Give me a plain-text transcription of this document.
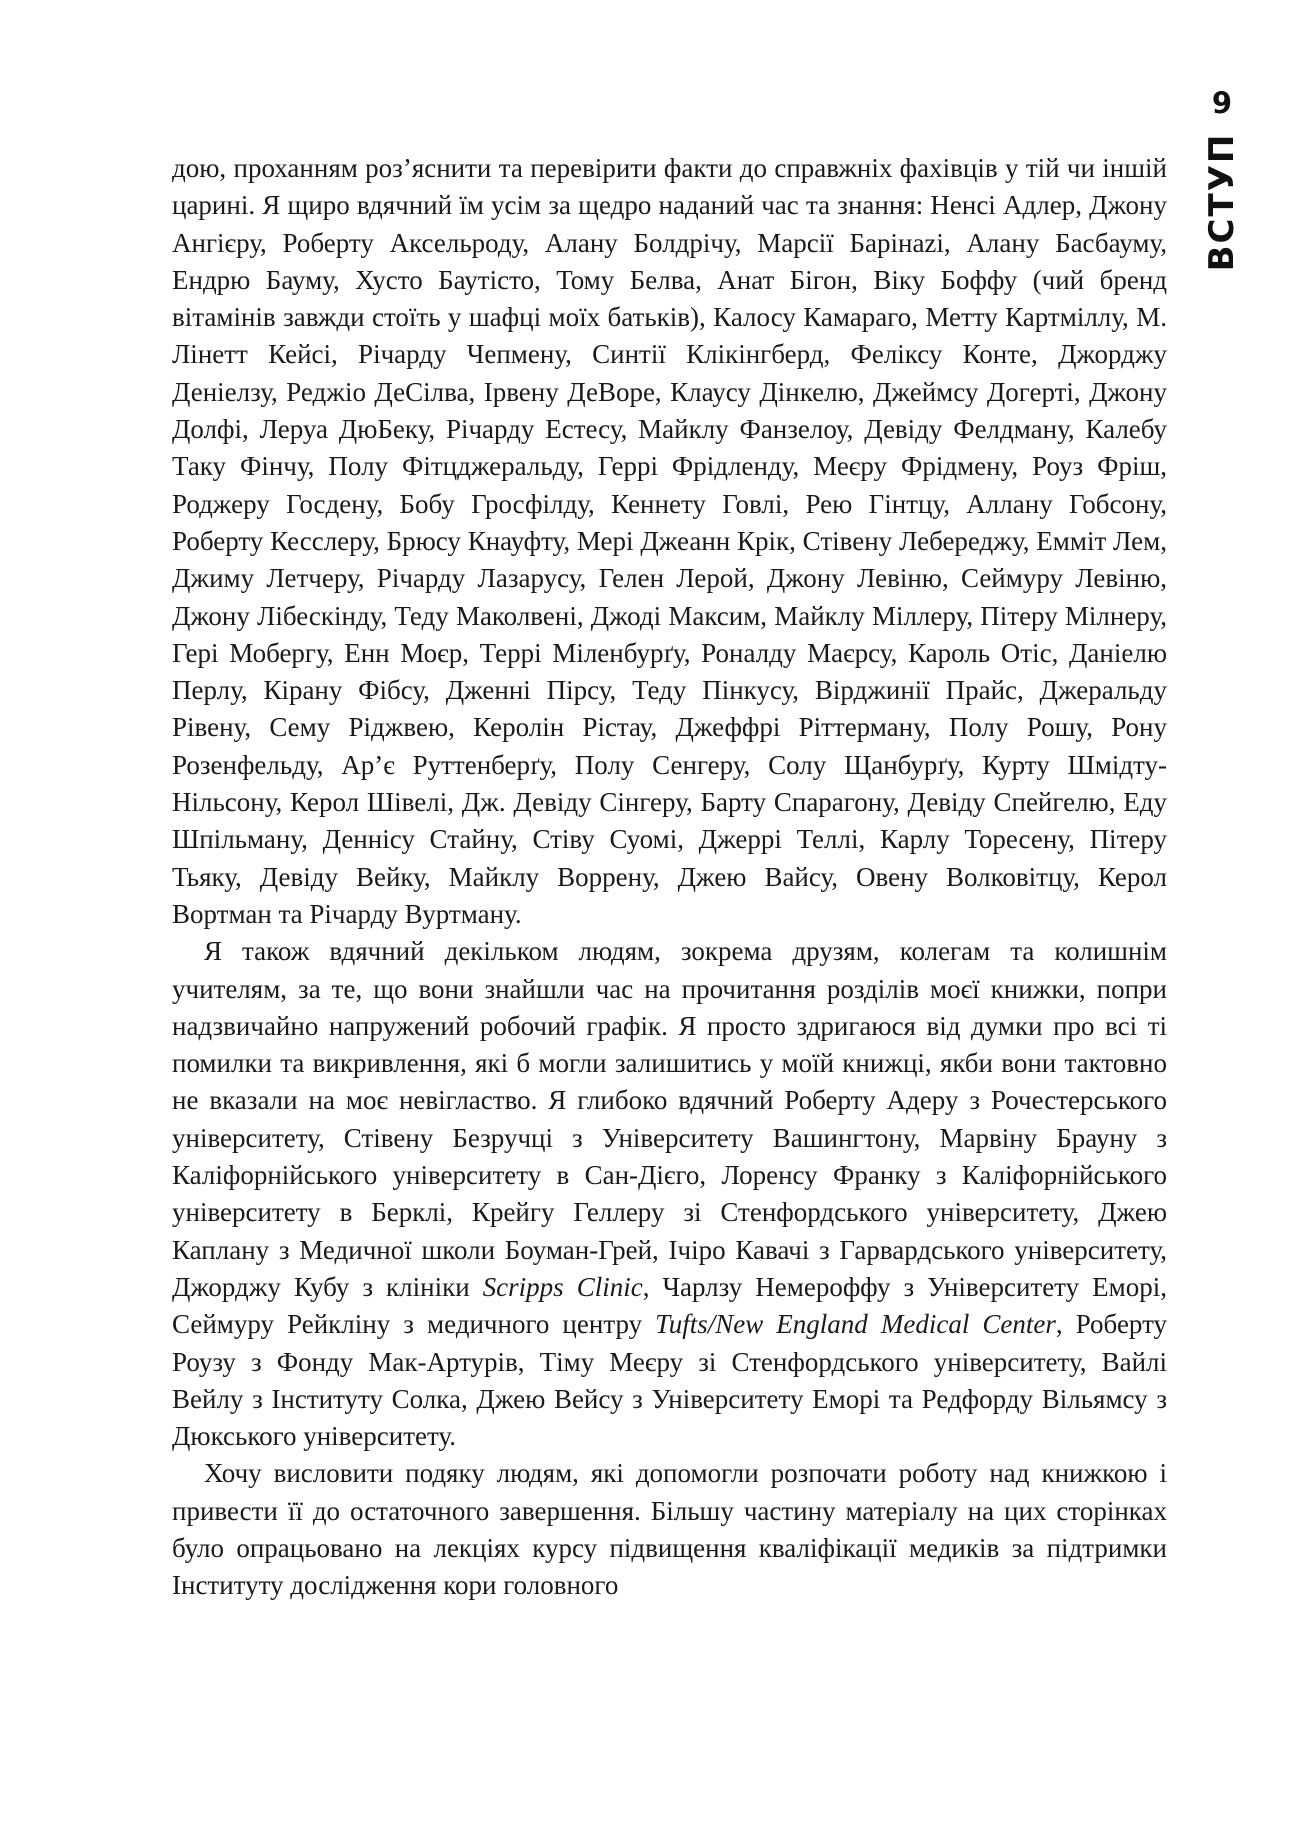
9
ВСТУП

дою, проханням роз’яснити та перевірити факти до справжніх фахівців у тій чи іншій царині. Я щиро вдячний їм усім за щедро наданий час та знання: Ненсі Адлер, Джону Ангієру, Роберту Аксельроду, Алану Болдрічу, Марсії Барінazі, Алану Басбауму, Ендрю Бауму, Хусто Баутісто, Тому Белва, Анат Бігон, Віку Боффу (чий бренд вітамінів завжди стоїть у шафці моїх батьків), Калосу Камараго, Метту Картміллу, М. Лінетт Кейсі, Річарду Чепмену, Синтії Клікінгберд, Феліксу Конте, Джорджу Деніелзу, Реджіо ДеСілва, Ірвену ДеВоре, Клаусу Дінкелю, Джеймсу Догерті, Джону Долфі, Леруа ДюБеку, Річарду Естесу, Майклу Фанзелоу, Девіду Фелдману, Калебу Таку Фінчу, Полу Фітцджеральду, Геррі Фрідленду, Меєру Фрідмену, Роуз Фріш, Роджеру Госдену, Бобу Гросфілду, Кеннету Говлі, Рею Гінтцу, Аллану Гобсону, Роберту Кесслеру, Брюсу Кнауфту, Мері Джеанн Крік, Стівену Лебереджу, Емміт Лем, Джиму Летчеру, Річарду Лазарусу, Гелен Лерой, Джону Левіню, Сеймуру Левіню, Джону Лібескінду, Теду Маколвені, Джоді Максим, Майклу Міллеру, Пітеру Мілнеру, Гері Мобергу, Енн Моєр, Террі Міленбурґу, Роналду Маєрсу, Кароль Отіс, Даніелю Перлу, Кірану Фібсу, Дженні Пірсу, Теду Пінкусу, Вірджинії Прайс, Джеральду Рівену, Сему Ріджвею, Керолін Рістау, Джеффрі Ріттерману, Полу Рошу, Рону Розенфельду, Ар’є Руттенберґу, Полу Сенгеру, Солу Щанбурґу, Курту Шмідту-Нільсону, Керол Шівелі, Дж. Девіду Сінгеру, Барту Спарагону, Девіду Спейгелю, Еду Шпільману, Деннісу Стайну, Стіву Суомі, Джеррі Теллі, Карлу Торесену, Пітеру Тьяку, Девіду Вейку, Майклу Воррену, Джею Вайсу, Овену Волковітцу, Керол Вортман та Річарду Вуртману.

Я також вдячний декільком людям, зокрема друзям, колегам та колишнім учителям, за те, що вони знайшли час на прочитання розділів моєї книжки, попри надзвичайно напружений робочий графік. Я просто здригаюся від думки про всі ті помилки та викривлення, які б могли залишитись у моїй книжці, якби вони тактовно не вказали на моє невігластво. Я глибоко вдячний Роберту Адеру з Рочестерського університету, Стівену Безручці з Університету Вашингтону, Марвіну Брауну з Каліфорнійського університету в Сан-Дієго, Лоренсу Франку з Каліфорнійського університету в Берклі, Крейгу Геллеру зі Стенфордського університету, Джею Каплану з Медичної школи Боуман-Грей, Ічіро Кавачі з Гарвардського університету, Джорджу Кубу з клініки Scripps Clinic, Чарлзу Немероффу з Університету Еморі, Сеймуру Рейкліну з медичного центру Tufts/New England Medical Center, Роберту Роузу з Фонду Мак-Артурів, Тіму Меєру зі Стенфордського університету, Вайлі Вейлу з Інституту Солка, Джею Вейсу з Університету Еморі та Редфорду Вільямсу з Дюкського університету.

Хочу висловити подяку людям, які допомогли розпочати роботу над книжкою і привести її до остаточного завершення. Більшу частину матеріалу на цих сторінках було опрацьовано на лекціях курсу підвищення кваліфікації медиків за підтримки Інституту дослідження кори головного
